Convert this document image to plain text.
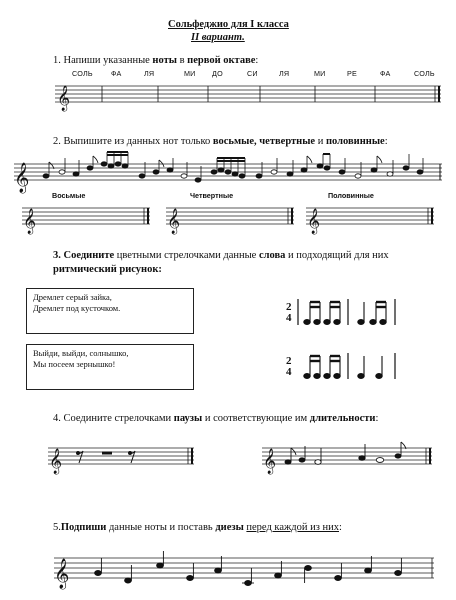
Сольфеджио для I класса
II вариант.
1. Напиши указанные ноты в первой октаве:
СОЛЬ	ФА	ЛЯ	МИ ДО	СИ	ЛЯ	МИ	РЕ	ФА	СОЛЬ
𝄞
2. Выпишите из данных нот только восьмые, четвертные и половинные:
𝄞
Восьмые	Четвертные	Половинные
𝄞	𝄞	𝄞
3. Соедините цветными стрелочками данные слова и подходящий для них
ритмический рисунок:
Дремлет серый зайка,
Дремлет под кусточком.
Выйди, выйди, солнышко,
Мы посеем зернышко!
2
4
2
4
4. Соедините стрелочками паузы и соответствующие им длительности:
𝄞	𝄞
5.Подпиши данные ноты и поставь диезы перед каждой из них:
𝄞
